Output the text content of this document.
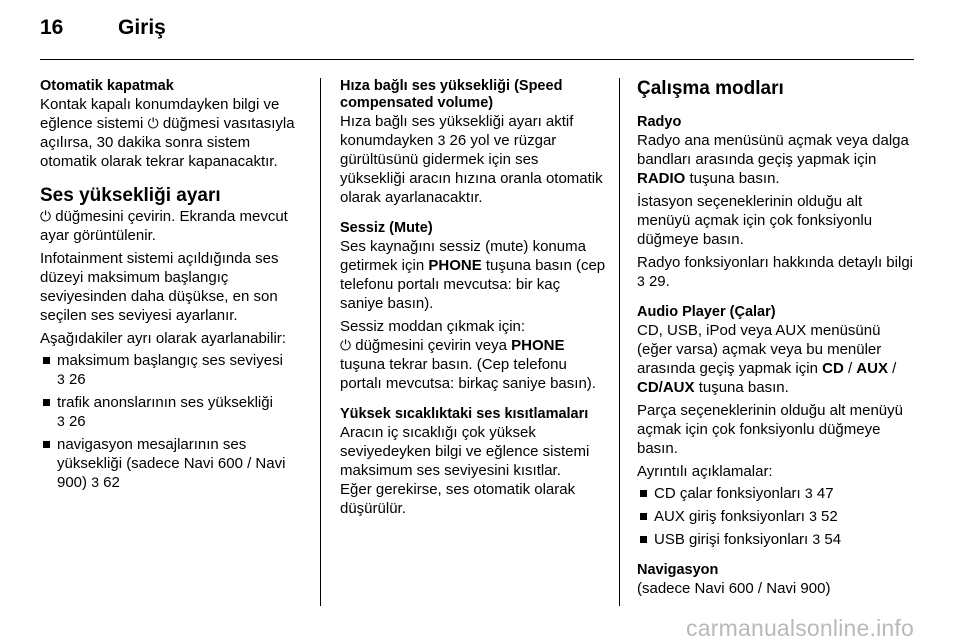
16	Giriş
Otomatik kapatmak

Kontak kapalı konumdayken bilgi ve eğlence sistemi ⏻ düğmesi vasıtasıyla açılırsa, 30 dakika sonra sistem otomatik olarak tekrar kapanacaktır.

Ses yüksekliği ayarı

⏻ düğmesini çevirin. Ekranda mevcut ayar görüntülenir.

Infotainment sistemi açıldığında ses düzeyi maksimum başlangıç seviyesinden daha düşükse, en son seçilen ses seviyesi ayarlanır.

Aşağıdakiler ayrı olarak ayarlanabilir:

maksimum başlangıç ses seviyesi
3 26
trafik anonslarının ses yüksekliği
3 26
navigasyon mesajlarının ses yüksekliği (sadece Navi 600 / Navi 900) 3 62
Hıza bağlı ses yüksekliği (Speed compensated volume)

Hıza bağlı ses yüksekliği ayarı aktif konumdayken 3 26 yol ve rüzgar gürültüsünü gidermek için ses yüksekliği aracın hızına oranla otomatik olarak ayarlanacaktır.

Sessiz (Mute)

Ses kaynağını sessiz (mute) konuma getirmek için PHONE tuşuna basın (cep telefonu portalı mevcutsa: bir kaç saniye basın).

Sessiz moddan çıkmak için:
⏻ düğmesini çevirin veya PHONE tuşuna tekrar basın. (Cep telefonu portalı mevcutsa: birkaç saniye basın).

Yüksek sıcaklıktaki ses kısıtlamaları

Aracın iç sıcaklığı çok yüksek seviyedeyken bilgi ve eğlence sistemi maksimum ses seviyesini kısıtlar.

Eğer gerekirse, ses otomatik olarak düşürülür.

Çalışma modları
Radyo

Radyo ana menüsünü açmak veya dalga bandları arasında geçiş yapmak için RADIO tuşuna basın.

İstasyon seçeneklerinin olduğu alt menüyü açmak için çok fonksiyonlu düğmeye basın.

Radyo fonksiyonları hakkında detaylı bilgi 3 29.

Audio Player (Çalar)

CD, USB, iPod veya AUX menüsünü (eğer varsa) açmak veya bu menüler arasında geçiş yapmak için CD / AUX / CD/AUX tuşuna basın.

Parça seçeneklerinin olduğu alt menüyü açmak için çok fonksiyonlu düğmeye basın.

Ayrıntılı açıklamalar:

CD çalar fonksiyonları 3 47
AUX giriş fonksiyonları 3 52
USB girişi fonksiyonları 3 54
Navigasyon

(sadece Navi 600 / Navi 900)

carmanualsonline.info
